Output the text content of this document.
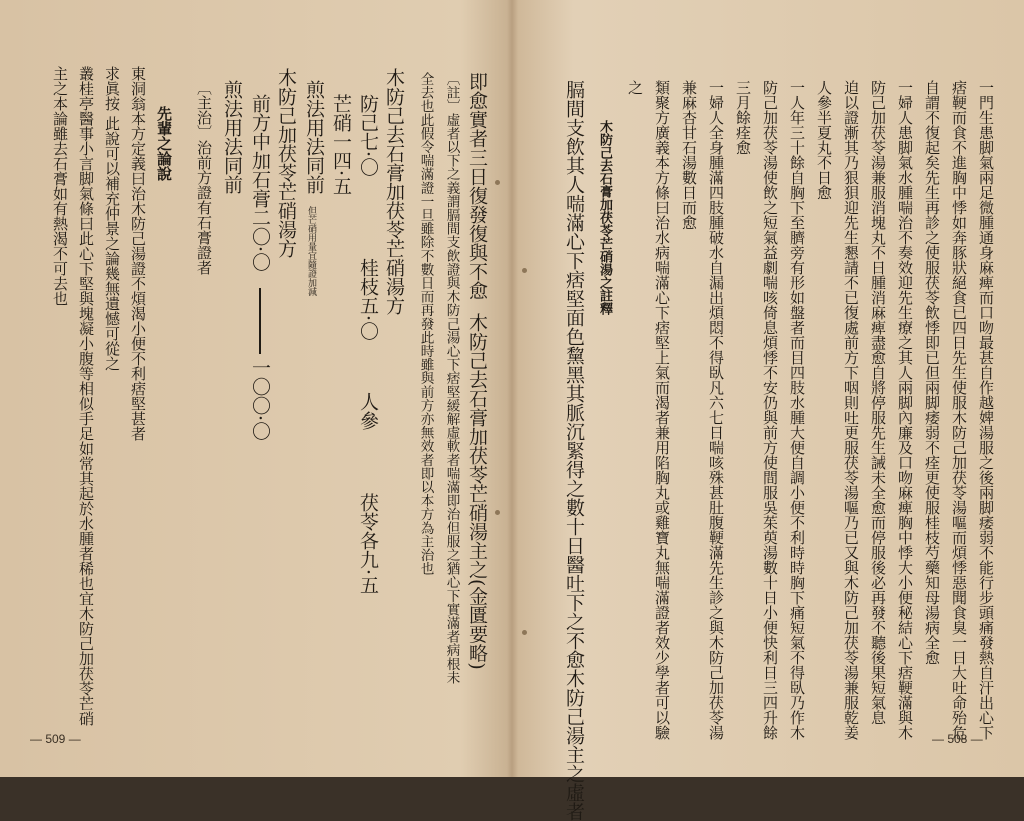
即愈實者三日復發復與不愈
木防己去石膏加茯苓芒硝湯主之(金匱要略)
〔註〕虛者以下之義謂膈間支飲證與木防己湯心下痞堅緩解虛軟者喘滿即治但服之猶心下實滿者病根未
全去也此假令喘滿證一旦雖除不數日而再發此時雖與前方亦無效者即以本方為主治也
木防己去石膏加茯苓芒硝湯方
防己七·〇
桂枝五·〇
人參
茯苓各九·五
芒硝一四·五
煎法用法同前
但芒硝用量宜隨證加減
木防己加茯苓芒硝湯方
前方中加石膏二〇·〇
一〇〇·〇
煎法用法同前
〔主治〕治前方證有石膏證者
先輩之論說
東洞翁本方定義曰治木防己湯證不煩渴小便不利痞堅甚者
求眞按 此說可以補充仲景之論幾無遺憾可從之
叢桂亭醫事小言脚氣條曰此心下堅與塊凝小腹等相似手足如常其起於水腫者稀也宜木防己加茯苓芒硝
主之本論雖去石膏如有熱渴不可去也
— 509 —	一門生患脚氣兩足微腫通身麻痺而口吻最甚自作越婢湯服之後兩脚痿弱不能行步頭痛發熱自汗出心下
痞鞕而食不進胸中悸如奔豚狀絕食已四日先生使服木防己加茯苓湯嘔而煩悸惡聞食臭一日大吐命殆危
自謂不復起矣先生再診之使服茯苓飲悸即已但兩脚痿弱不痊更使服桂枝芍藥知母湯病全愈
一婦人患脚氣水腫喘治不奏效迎先生療之其人兩脚內廉及口吻麻痺胸中悸大小便秘結心下痞鞕滿與木
防己加茯苓湯兼服消塊丸不日腫消麻痺盡愈自將停服先生誡未全愈而停服後必再發不聽後果短氣息
迫以證漸其乃狠狽迎先生懇請不已復處前方下咽則吐更服茯苓湯嘔乃已又與木防己加茯苓湯兼服乾姜
人參半夏丸不日愈
一人年三十餘自胸下至臍旁有形如盤者而目四肢水腫大便自調小便不利時時胸下痛短氣不得臥乃作木
防己加茯苓湯使飲之短氣益劇喘咳倚息煩悸不安仍與前方使間服吳茱萸湯數十日小便快利日三四升餘
三月餘痊愈
一婦人全身腫滿四肢腫破水自漏出煩悶不得臥凡六七日喘咳殊甚肚腹鞕滿先生診之與木防己加茯苓湯
兼麻杏甘石湯數日而愈
類聚方廣義本方條曰治水病喘滿心下痞堅上氣而渴者兼用陷胸丸或雞寶丸無喘滿證者效少學者可以驗
之
木防己去石膏加茯苓芒硝湯之註釋
膈間支飲其人喘滿心下痞堅面色黧黑其脈沉緊得之數十日醫吐下之不愈木防己湯主之虛者	— 508 —
